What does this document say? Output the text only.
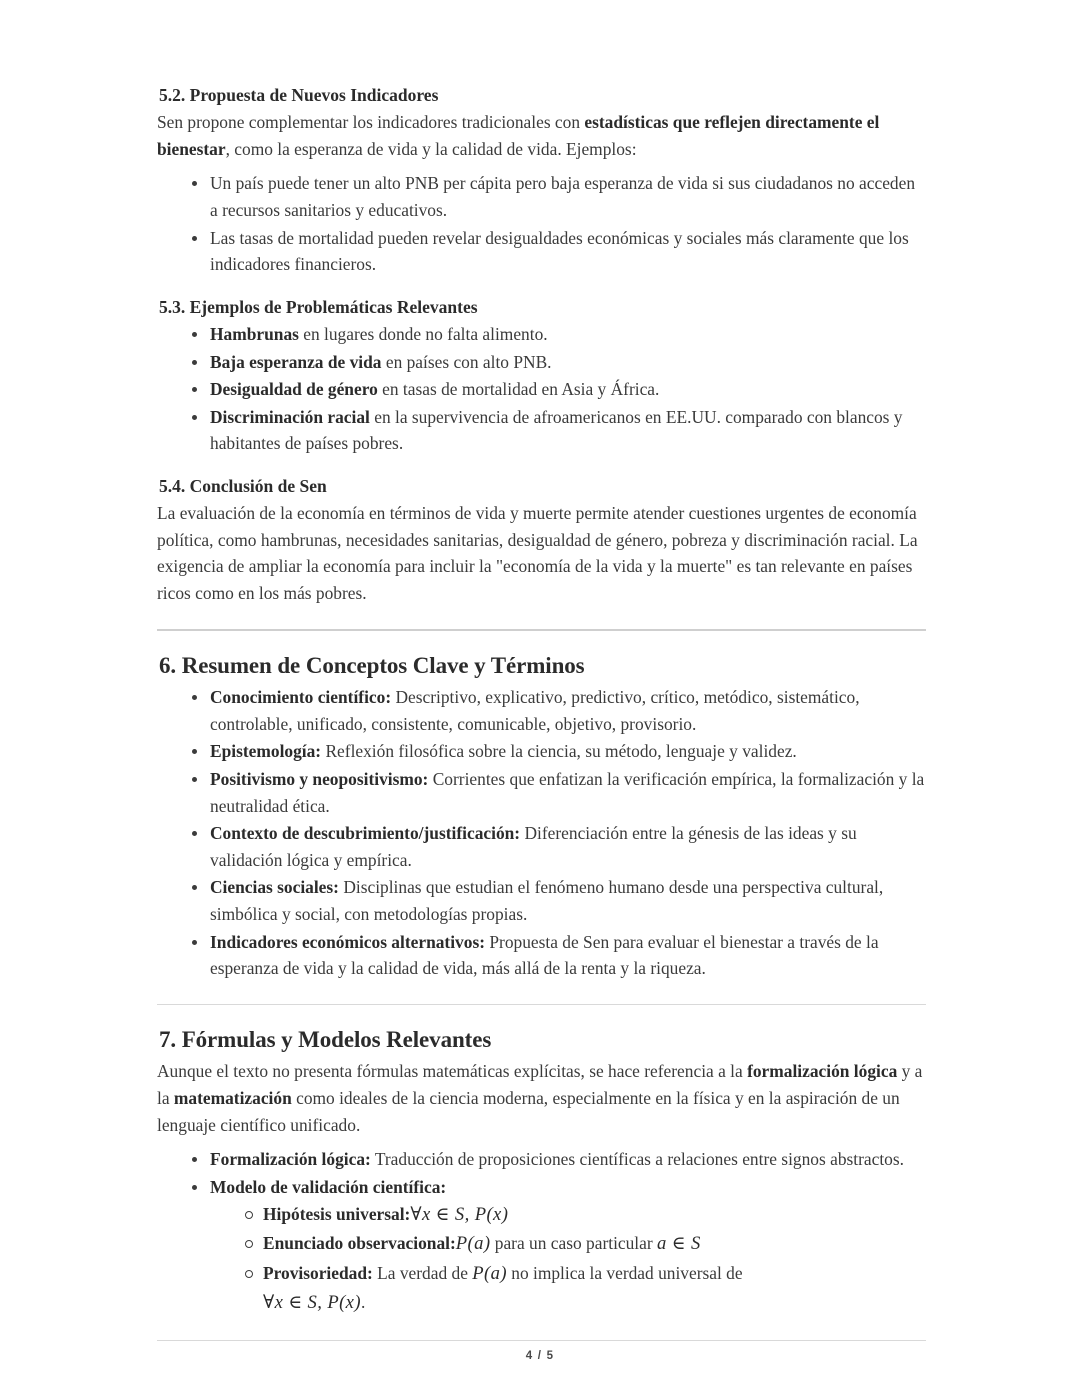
5.2. Propuesta de Nuevos Indicadores

Sen propone complementar los indicadores tradicionales con estadísticas que reflejen directamente el bienestar, como la esperanza de vida y la calidad de vida. Ejemplos:

Un país puede tener un alto PNB per cápita pero baja esperanza de vida si sus ciudadanos no acceden a recursos sanitarios y educativos.
Las tasas de mortalidad pueden revelar desigualdades económicas y sociales más claramente que los indicadores financieros.
5.3. Ejemplos de Problemáticas Relevantes
Hambrunas en lugares donde no falta alimento.
Baja esperanza de vida en países con alto PNB.
Desigualdad de género en tasas de mortalidad en Asia y África.
Discriminación racial en la supervivencia de afroamericanos en EE.UU. comparado con blancos y habitantes de países pobres.
5.4. Conclusión de Sen

La evaluación de la economía en términos de vida y muerte permite atender cuestiones urgentes de economía política, como hambrunas, necesidades sanitarias, desigualdad de género, pobreza y discriminación racial. La exigencia de ampliar la economía para incluir la "economía de la vida y la muerte" es tan relevante en países ricos como en los más pobres.

6. Resumen de Conceptos Clave y Términos
Conocimiento científico: Descriptivo, explicativo, predictivo, crítico, metódico, sistemático, controlable, unificado, consistente, comunicable, objetivo, provisorio.
Epistemología: Reflexión filosófica sobre la ciencia, su método, lenguaje y validez.
Positivismo y neopositivismo: Corrientes que enfatizan la verificación empírica, la formalización y la neutralidad ética.
Contexto de descubrimiento/justificación: Diferenciación entre la génesis de las ideas y su validación lógica y empírica.
Ciencias sociales: Disciplinas que estudian el fenómeno humano desde una perspectiva cultural, simbólica y social, con metodologías propias.
Indicadores económicos alternativos: Propuesta de Sen para evaluar el bienestar a través de la esperanza de vida y la calidad de vida, más allá de la renta y la riqueza.
7. Fórmulas y Modelos Relevantes

Aunque el texto no presenta fórmulas matemáticas explícitas, se hace referencia a la formalización lógica y a la matematización como ideales de la ciencia moderna, especialmente en la física y en la aspiración de un lenguaje científico unificado.

Formalización lógica: Traducción de proposiciones científicas a relaciones entre signos abstractos.
Modelo de validación científica:
Hipótesis universal:∀x ∈ S, P(x)
Enunciado observacional:P(a) para un caso particular a ∈ S
Provisoriedad: La verdad de P(a) no implica la verdad universal de
∀x ∈ S, P(x).
4 / 5
